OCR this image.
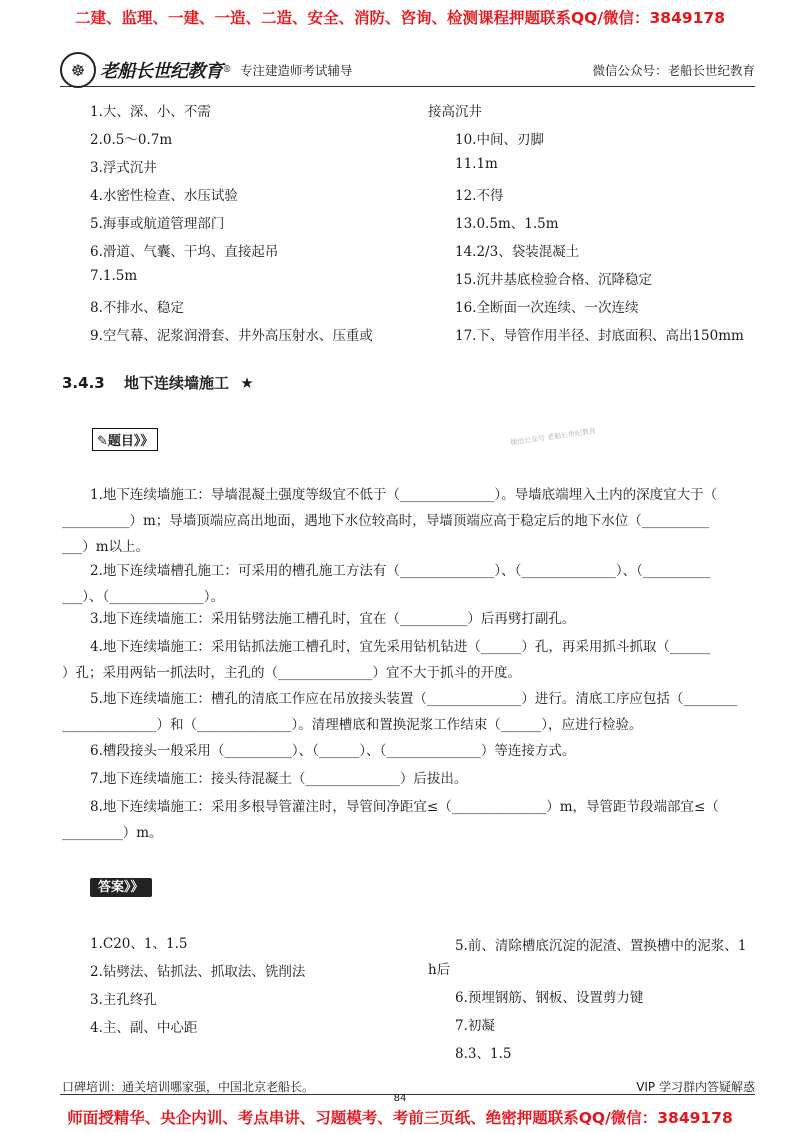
二建、监理、一建、一造、二造、安全、消防、咨询、检测课程押题联系QQ/微信：3849178
☸ 老船长世纪教育 ® 专注建造师考试辅导	微信公众号：老船长世纪教育
1.大、深、小、不需
2.0.5～0.7m
3.浮式沉井
4.水密性检查、水压试验
5.海事或航道管理部门
6.滑道、气囊、干坞、直接起吊
7.1.5m
8.不排水、稳定
9.空气幕、泥浆润滑套、井外高压射水、压重或
接高沉井
10.中间、刃脚
11.1m
12.不得
13.0.5m、1.5m
14.2/3、袋装混凝土
15.沉井基底检验合格、沉降稳定
16.全断面一次连续、一次连续
17.下、导管作用半径、封底面积、高出150mm
3.4.3 地下连续墙施工 ★
✎题目》》	微信公众号 老船长世纪教育
1.地下连续墙施工：导墙混凝土强度等级宜不低于（______________）。导墙底端埋入土内的深度宜大于（
__________）m；导墙顶端应高出地面，遇地下水位较高时，导墙顶端应高于稳定后的地下水位（__________
___）m以上。
2.地下连续墙槽孔施工：可采用的槽孔施工方法有（______________）、（______________）、（__________
___）、（______________）。
3.地下连续墙施工：采用钻劈法施工槽孔时，宜在（__________）后再劈打副孔。
4.地下连续墙施工：采用钻抓法施工槽孔时，宜先采用钻机钻进（______）孔，再采用抓斗抓取（______
）孔；采用两钻一抓法时，主孔的（______________）宜不大于抓斗的开度。
5.地下连续墙施工：槽孔的清底工作应在吊放接头装置（______________）进行。清底工序应包括（________
______________）和（______________）。清理槽底和置换泥浆工作结束（______），应进行检验。
6.槽段接头一般采用（__________）、（______）、（______________）等连接方式。
7.地下连续墙施工：接头待混凝土（______________）后拔出。
8.地下连续墙施工：采用多根导管灌注时，导管间净距宜≤（______________）m，导管距节段端部宜≤（
_________）m。
答案》》
1.C20、1、1.5
2.钻劈法、钻抓法、抓取法、铣削法
3.主孔终孔
4.主、副、中心距
5.前、清除槽底沉淀的泥渣、置换槽中的泥浆、1
h后
6.预埋钢筋、钢板、设置剪力键
7.初凝
8.3、1.5
口碑培训：通关培训哪家强，中国北京老船长。	VIP 学习群内答疑解惑
84
师面授精华、央企内训、考点串讲、习题模考、考前三页纸、绝密押题联系QQ/微信：3849178
